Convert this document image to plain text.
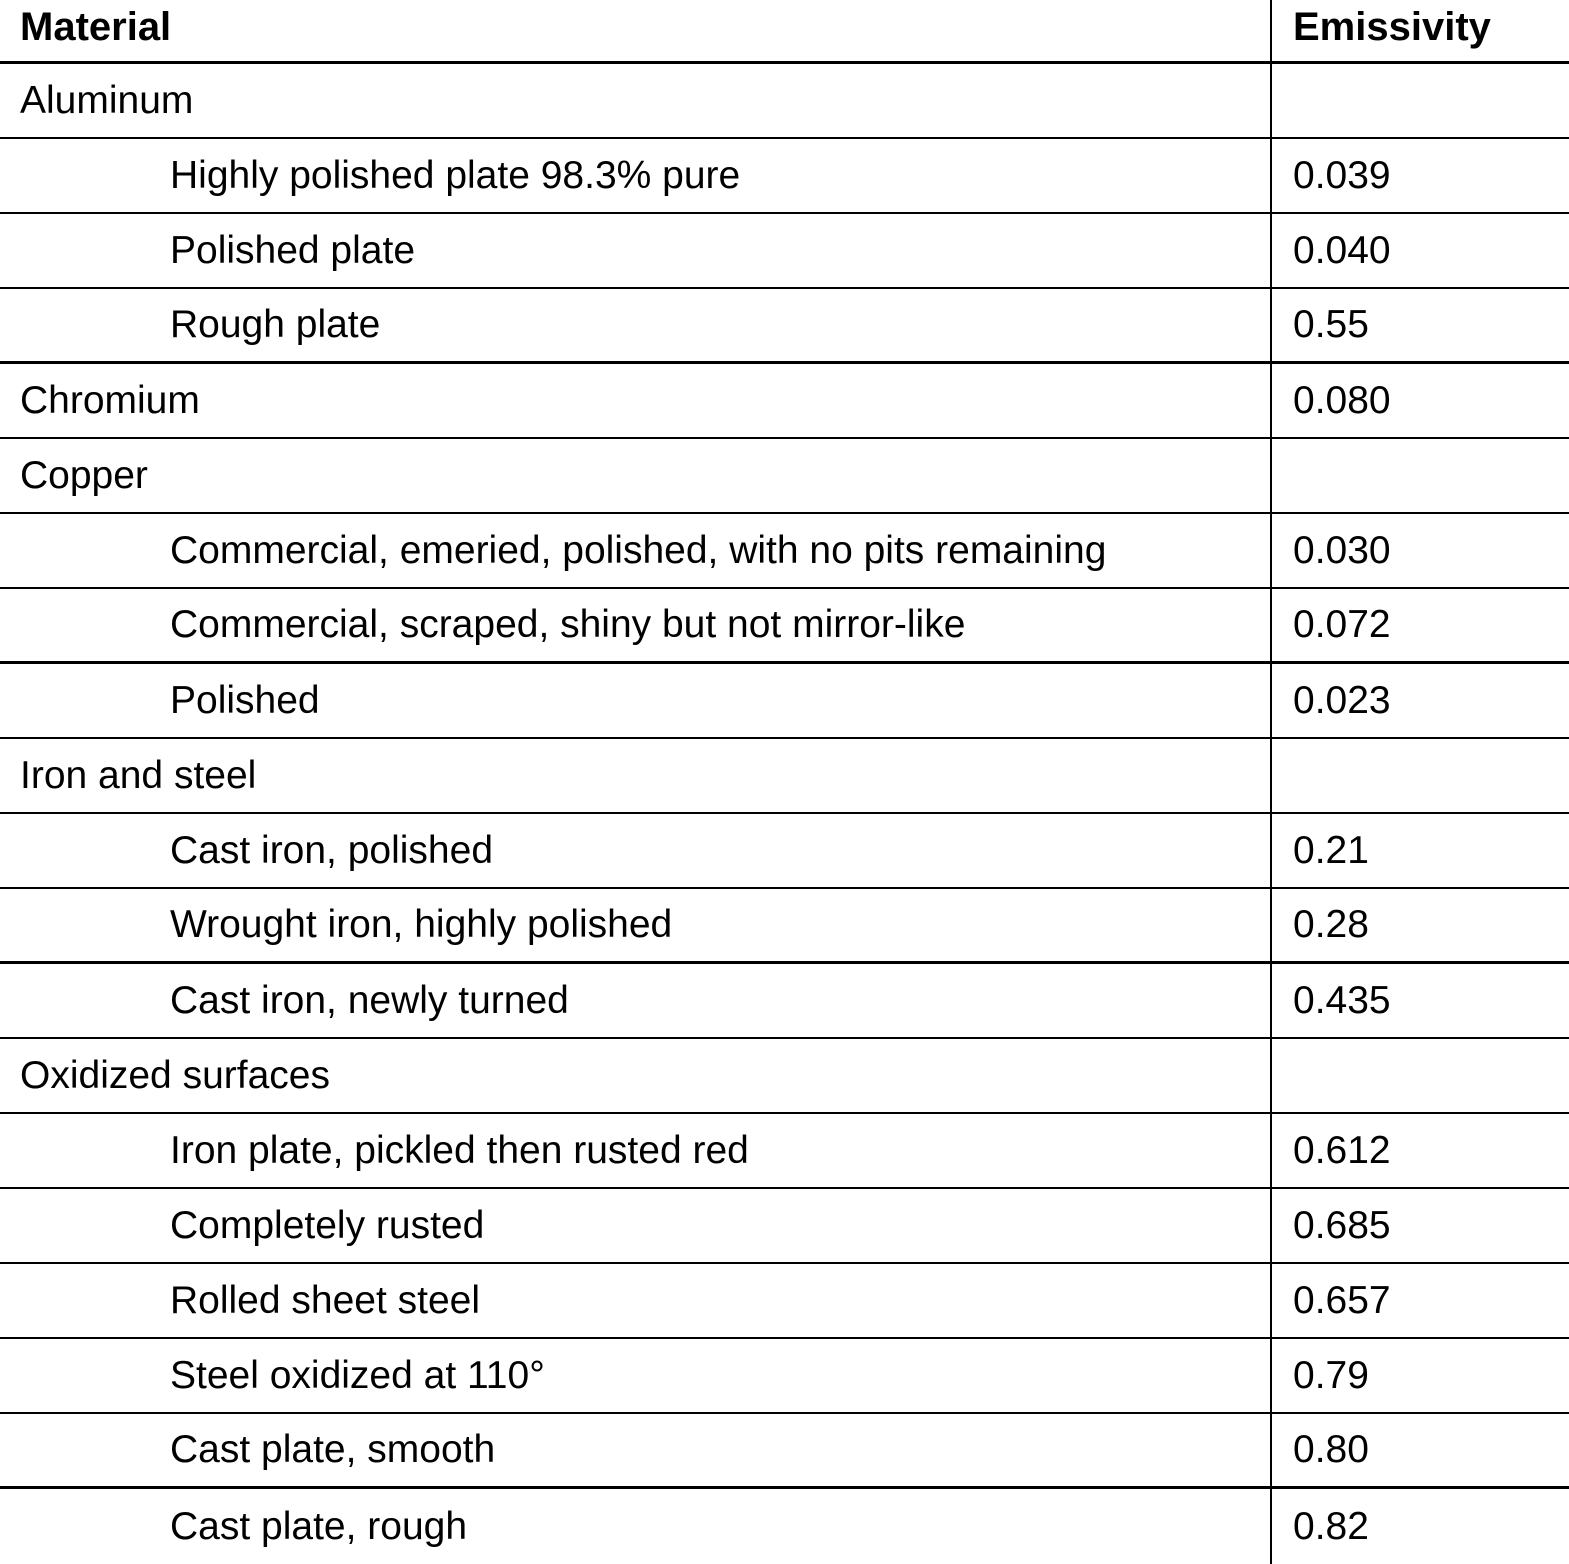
Material	Emissivity
Aluminum
Highly polished plate 98.3% pure	0.039
Polished plate	0.040
Rough plate	0.55
Chromium	0.080
Copper
Commercial, emeried, polished, with no pits remaining	0.030
Commercial, scraped, shiny but not mirror-like	0.072
Polished	0.023
Iron and steel
Cast iron, polished	0.21
Wrought iron, highly polished	0.28
Cast iron, newly turned	0.435
Oxidized surfaces
Iron plate, pickled then rusted red	0.612
Completely rusted	0.685
Rolled sheet steel	0.657
Steel oxidized at 110°	0.79
Cast plate, smooth	0.80
Cast plate, rough	0.82
